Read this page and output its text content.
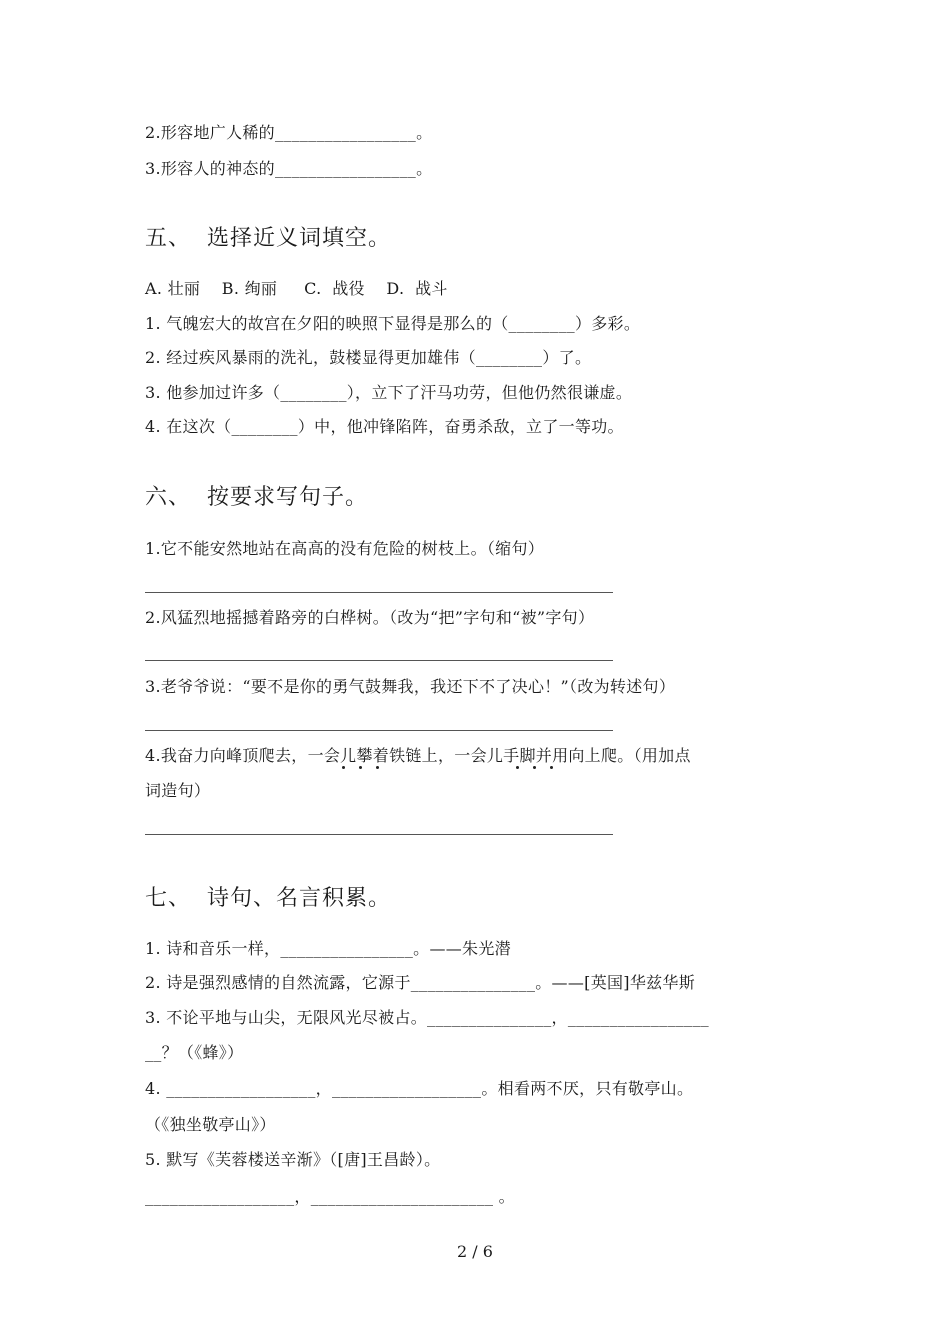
2.形容地广人稀的_________________。
3.形容人的神态的_________________。
五、  选择近义词填空。
A. 壮丽    B. 绚丽     C.  战役    D.  战斗
1. 气魄宏大的故宫在夕阳的映照下显得是那么的（________）多彩。
2. 经过疾风暴雨的洗礼，鼓楼显得更加雄伟（________）了。
3. 他参加过许多（________），立下了汗马功劳，但他仍然很谦虚。
4. 在这次（________）中，他冲锋陷阵，奋勇杀敌，立了一等功。
六、  按要求写句子。
1.它不能安然地站在高高的没有危险的树枝上。（缩句）
2.风猛烈地摇撼着路旁的白桦树。（改为“把”字句和“被”字句）
3.老爷爷说：“要不是你的勇气鼓舞我，我还下不了决心！”（改为转述句）
4.我奋力向峰顶爬去，一会儿攀着铁链上，一会儿手脚并用向上爬。（用加点
词造句）
七、  诗句、名言积累。
1. 诗和音乐一样，________________。——朱光潜
2. 诗是强烈感情的自然流露，它源于_______________。——[英国]华兹华斯
3. 不论平地与山尖，无限风光尽被占。_______________，_________________
__？（《蜂》）
4. __________________，__________________。相看两不厌，只有敬亭山。
（《独坐敬亭山》）
5. 默写《芙蓉楼送辛渐》（[唐]王昌龄）。
__________________，______________________ 。
2 / 6
